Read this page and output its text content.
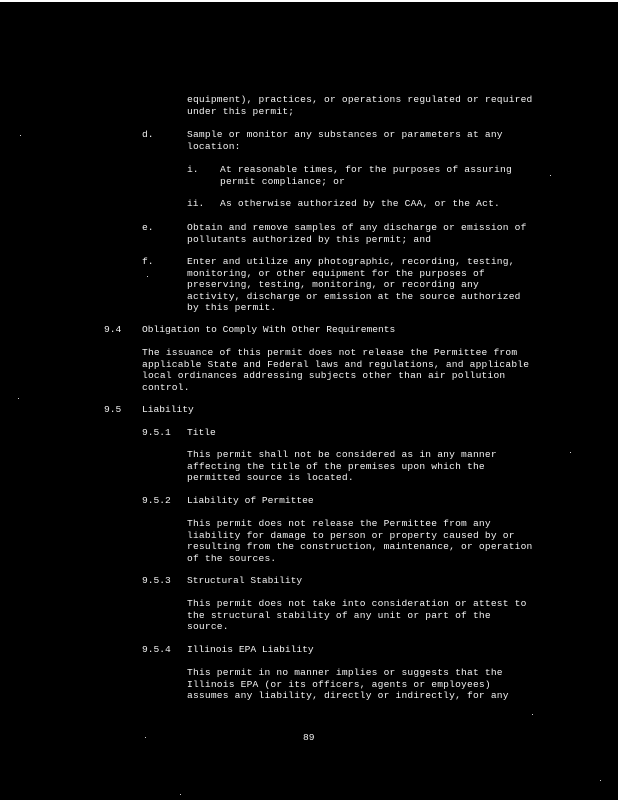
equipment), practices, or operations regulated or required
under this permit;
d.	Sample or monitor any substances or parameters at any
location:
i. At reasonable times, for the purposes of assuring
permit compliance; or
ii. As otherwise authorized by the CAA, or the Act.
e.	Obtain and remove samples of any discharge or emission of
pollutants authorized by this permit; and
f.	Enter and utilize any photographic, recording, testing,
monitoring, or other equipment for the purposes of
preserving, testing, monitoring, or recording any
activity, discharge or emission at the source authorized
by this permit.
9.4 Obligation to Comply With Other Requirements
The issuance of this permit does not release the Permittee from
applicable State and Federal laws and regulations, and applicable
local ordinances addressing subjects other than air pollution
control.
9.5 Liability
9.5.1 Title
This permit shall not be considered as in any manner
affecting the title of the premises upon which the
permitted source is located.
9.5.2 Liability of Permittee
This permit does not release the Permittee from any
liability for damage to person or property caused by or
resulting from the construction, maintenance, or operation
of the sources.
9.5.3 Structural Stability
This permit does not take into consideration or attest to
the structural stability of any unit or part of the
source.
9.5.4 Illinois EPA Liability
This permit in no manner implies or suggests that the
Illinois EPA (or its officers, agents or employees)
assumes any liability, directly or indirectly, for any
89
